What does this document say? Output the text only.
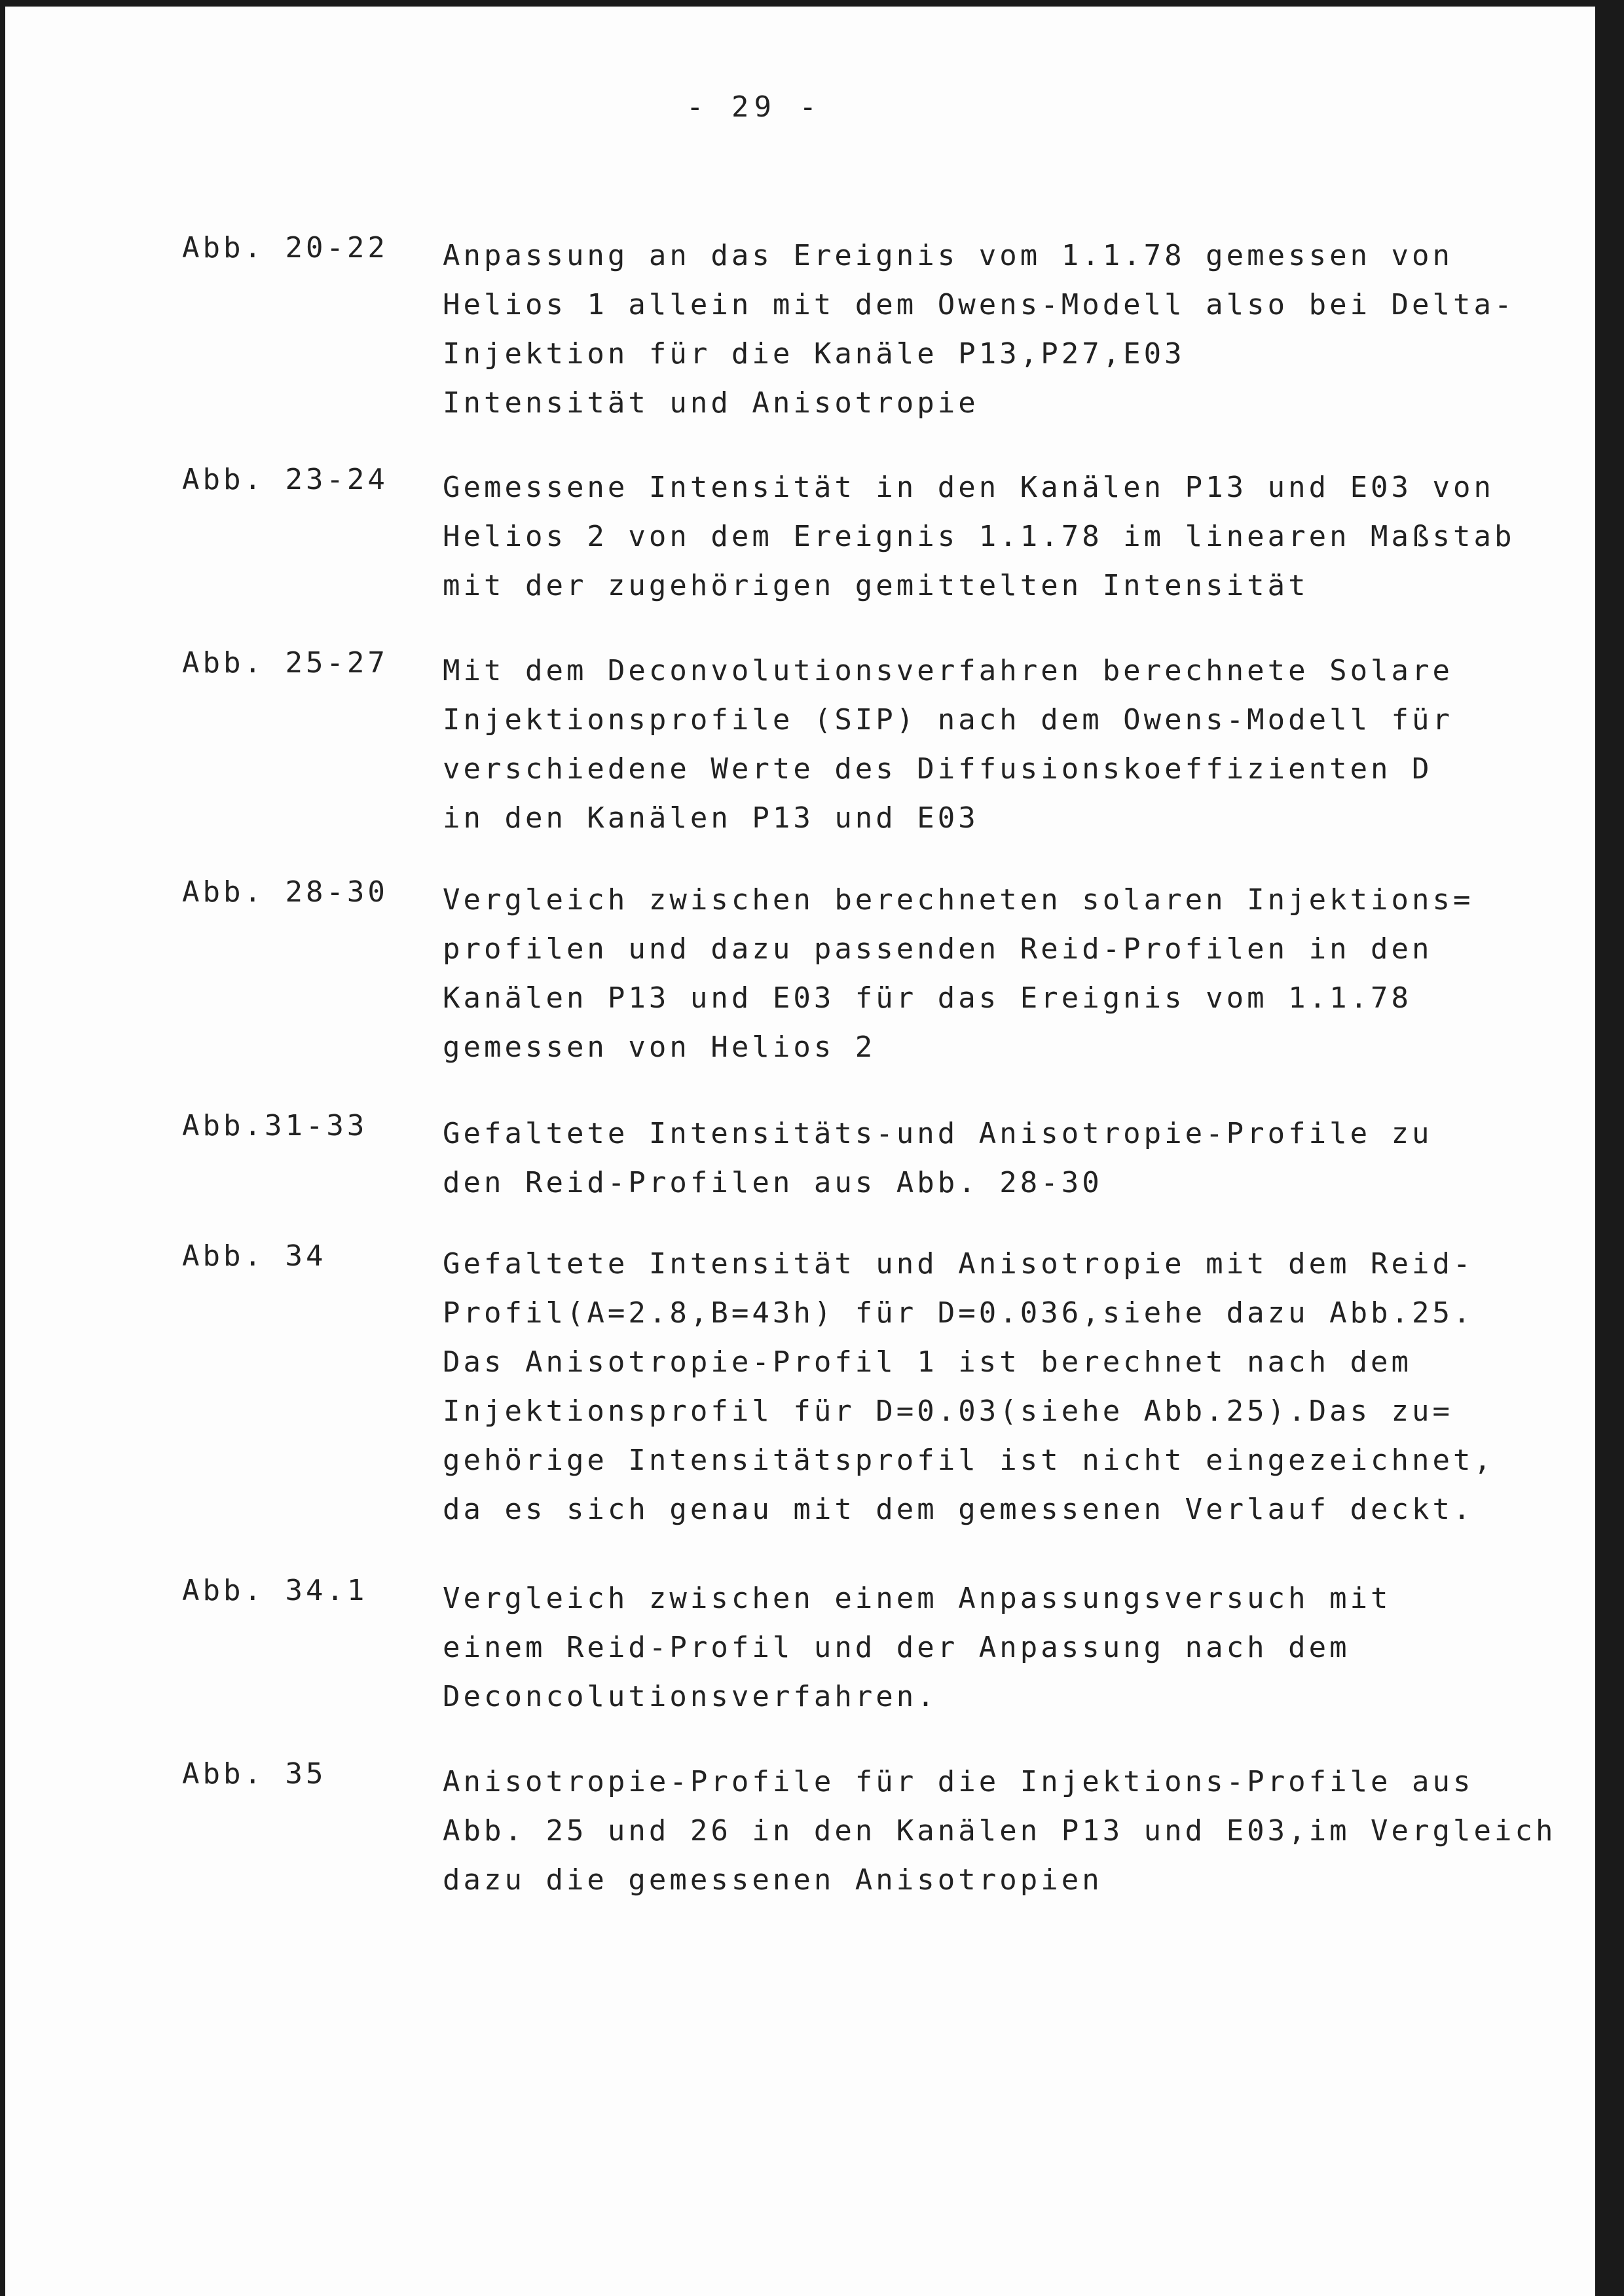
- 29 -
Abb. 20-22 Anpassung an das Ereignis vom 1.1.78 gemessen von
Helios 1 allein mit dem Owens-Modell also bei Delta-
Injektion für die Kanäle P13,P27,E03
Intensität und Anisotropie
Abb. 23-24 Gemessene Intensität in den Kanälen P13 und E03 von
Helios 2 von dem Ereignis 1.1.78 im linearen Maßstab
mit der zugehörigen gemittelten Intensität
Abb. 25-27 Mit dem Deconvolutionsverfahren berechnete Solare
Injektionsprofile (SIP) nach dem Owens-Modell für
verschiedene Werte des Diffusionskoeffizienten D
in den Kanälen P13 und E03
Abb. 28-30 Vergleich zwischen berechneten solaren Injektions=
profilen und dazu passenden Reid-Profilen in den
Kanälen P13 und E03 für das Ereignis vom 1.1.78
gemessen von Helios 2
Abb.31-33	Gefaltete Intensitäts-und Anisotropie-Profile zu
den Reid-Profilen aus Abb. 28-30
Abb. 34	Gefaltete Intensität und Anisotropie mit dem Reid-
Profil(A=2.8,B=43h) für D=0.036,siehe dazu Abb.25.
Das Anisotropie-Profil 1 ist berechnet nach dem
Injektionsprofil für D=0.03(siehe Abb.25).Das zu=
gehörige Intensitätsprofil ist nicht eingezeichnet,
da es sich genau mit dem gemessenen Verlauf deckt.
Abb. 34.1	Vergleich zwischen einem Anpassungsversuch mit
einem Reid-Profil und der Anpassung nach dem
Deconcolutionsverfahren.
Abb. 35	Anisotropie-Profile für die Injektions-Profile aus
Abb. 25 und 26 in den Kanälen P13 und E03,im Vergleich
dazu die gemessenen Anisotropien
